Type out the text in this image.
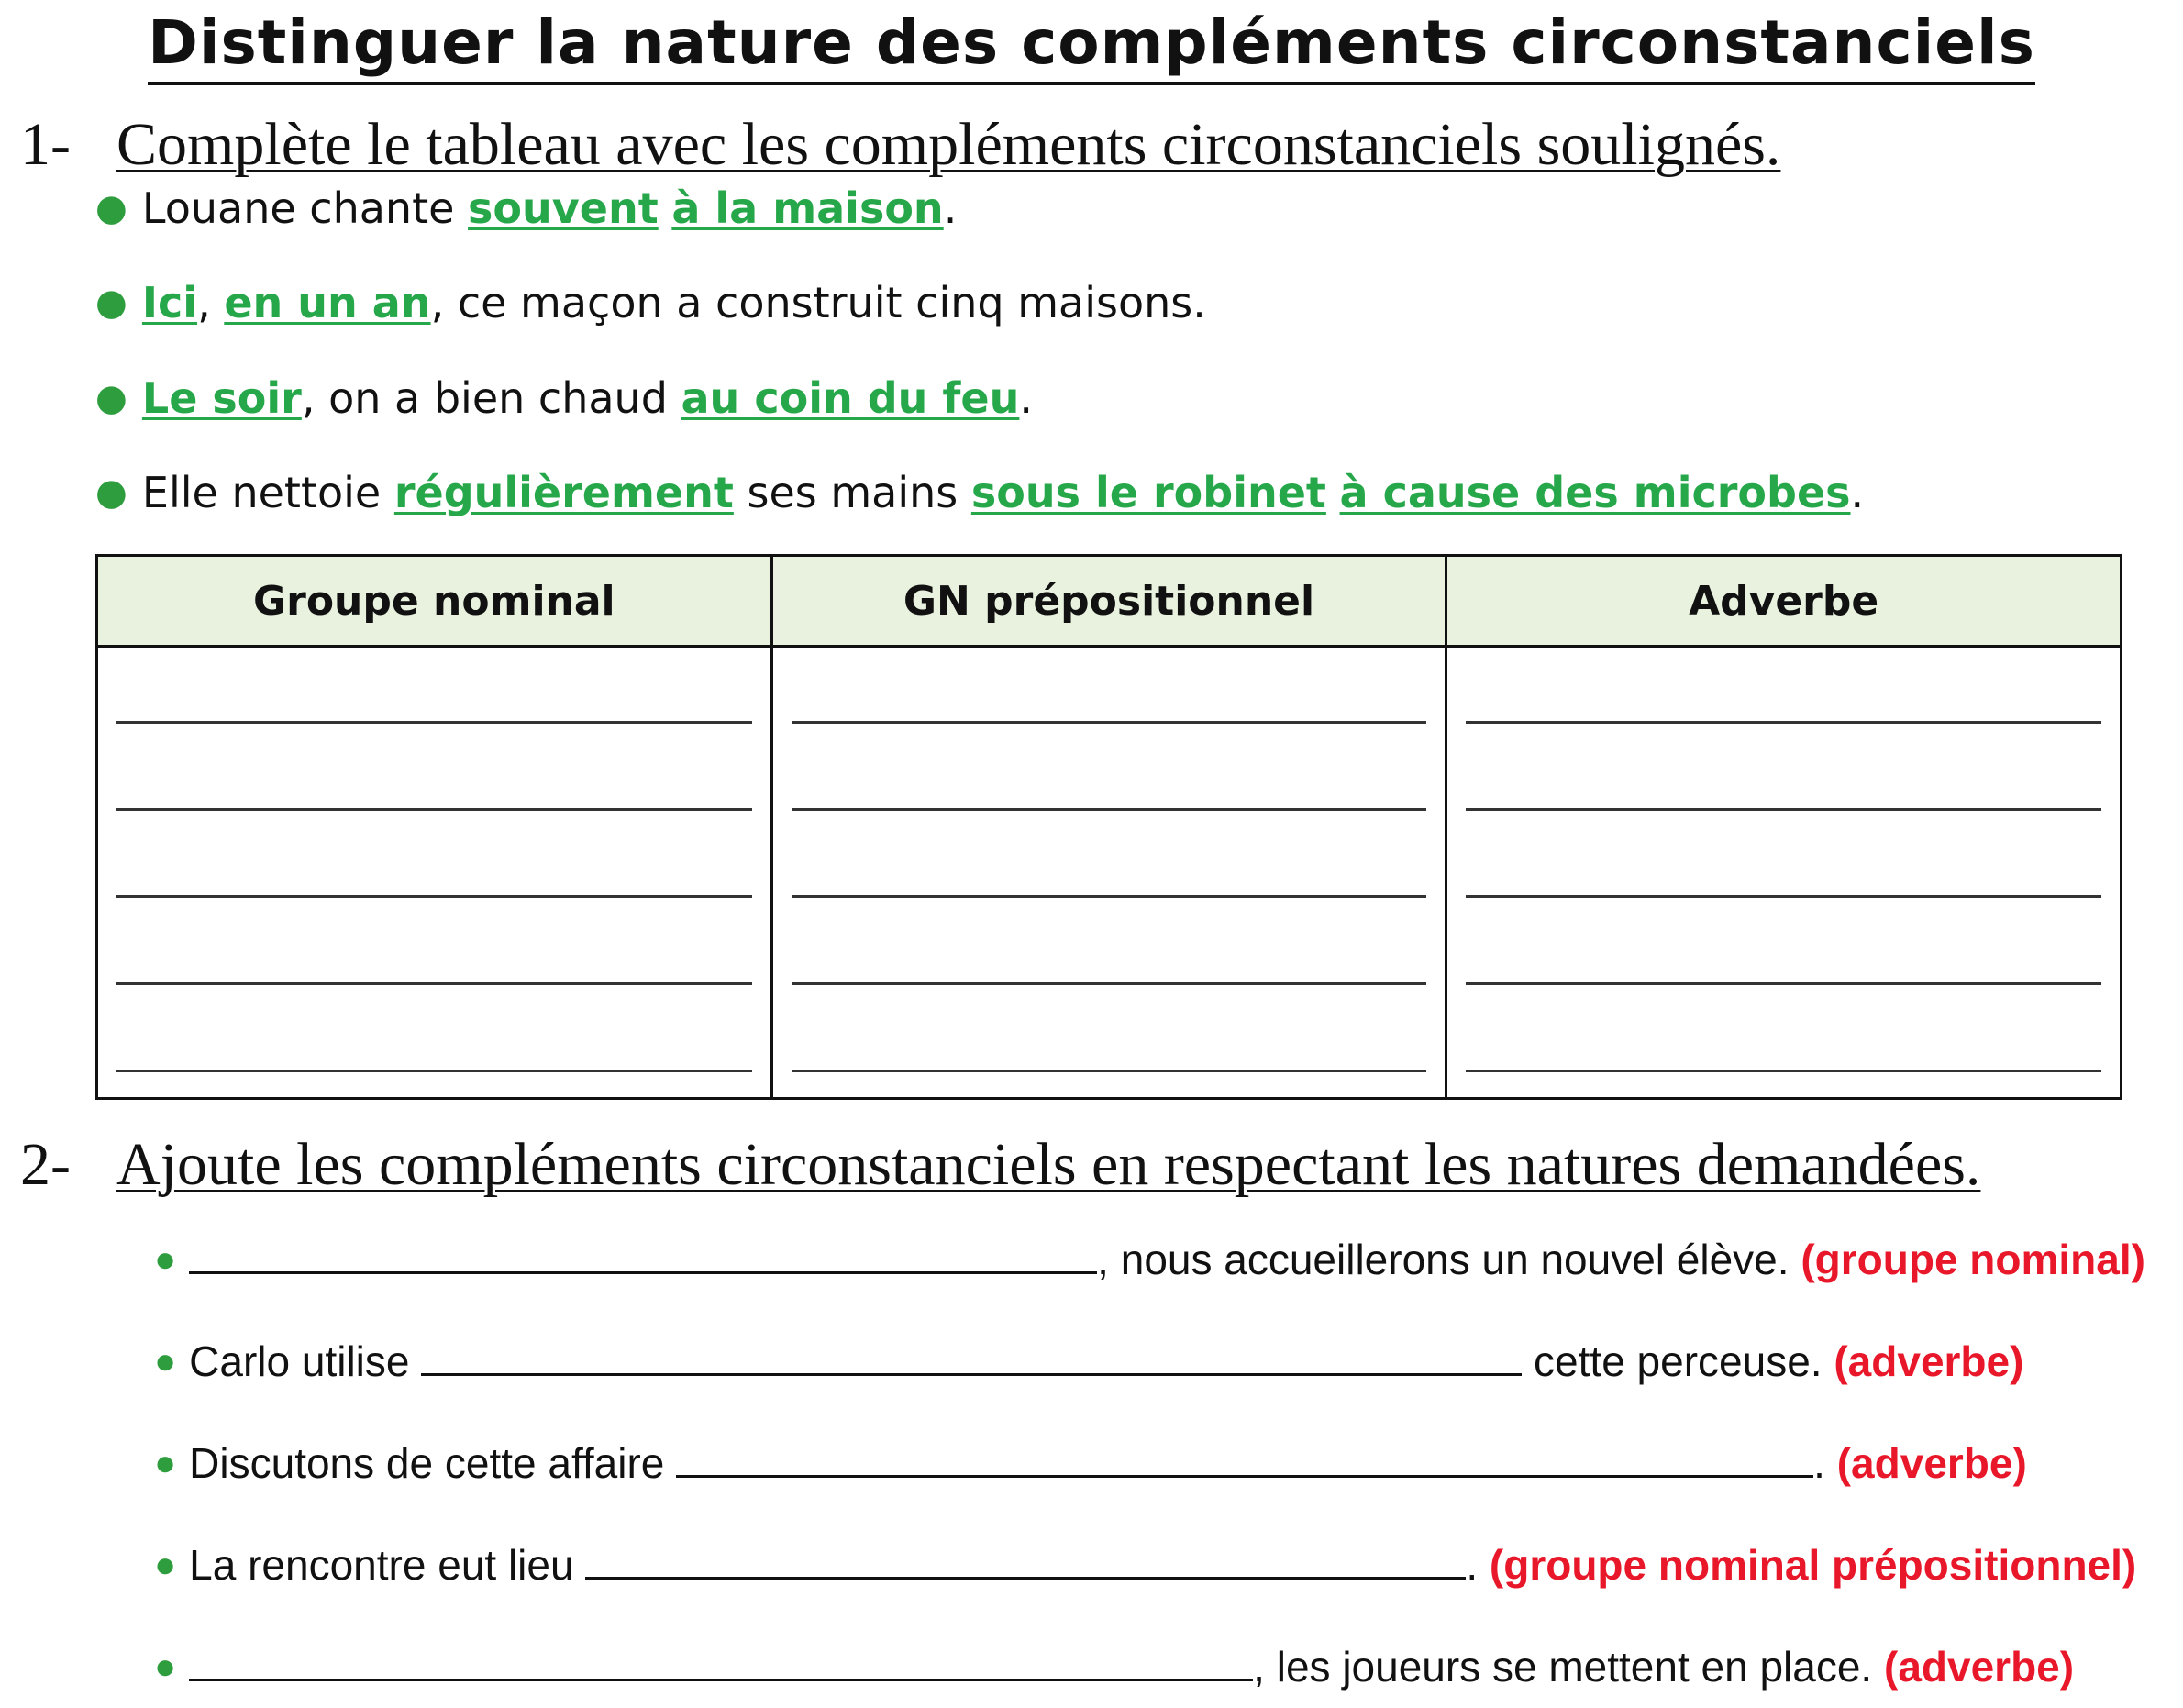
Distinguer la nature des compléments circonstanciels
1- Complète le tableau avec les compléments circonstanciels soulignés.
● Louane chante souvent à la maison.
● Ici, en un an, ce maçon a construit cinq maisons.
● Le soir, on a bien chaud au coin du feu.
● Elle nettoie régulièrement ses mains sous le robinet à cause des microbes.
Groupe nominal	GN prépositionnel	Adverbe

2- Ajoute les compléments circonstanciels en respectant les natures demandées.
●	, nous accueillerons un nouvel élève. (groupe nominal)
● Carlo utilise	cette perceuse. (adverbe)
● Discutons de cette affaire	. (adverbe)
● La rencontre eut lieu	. (groupe nominal prépositionnel)
●	, les joueurs se mettent en place. (adverbe)
